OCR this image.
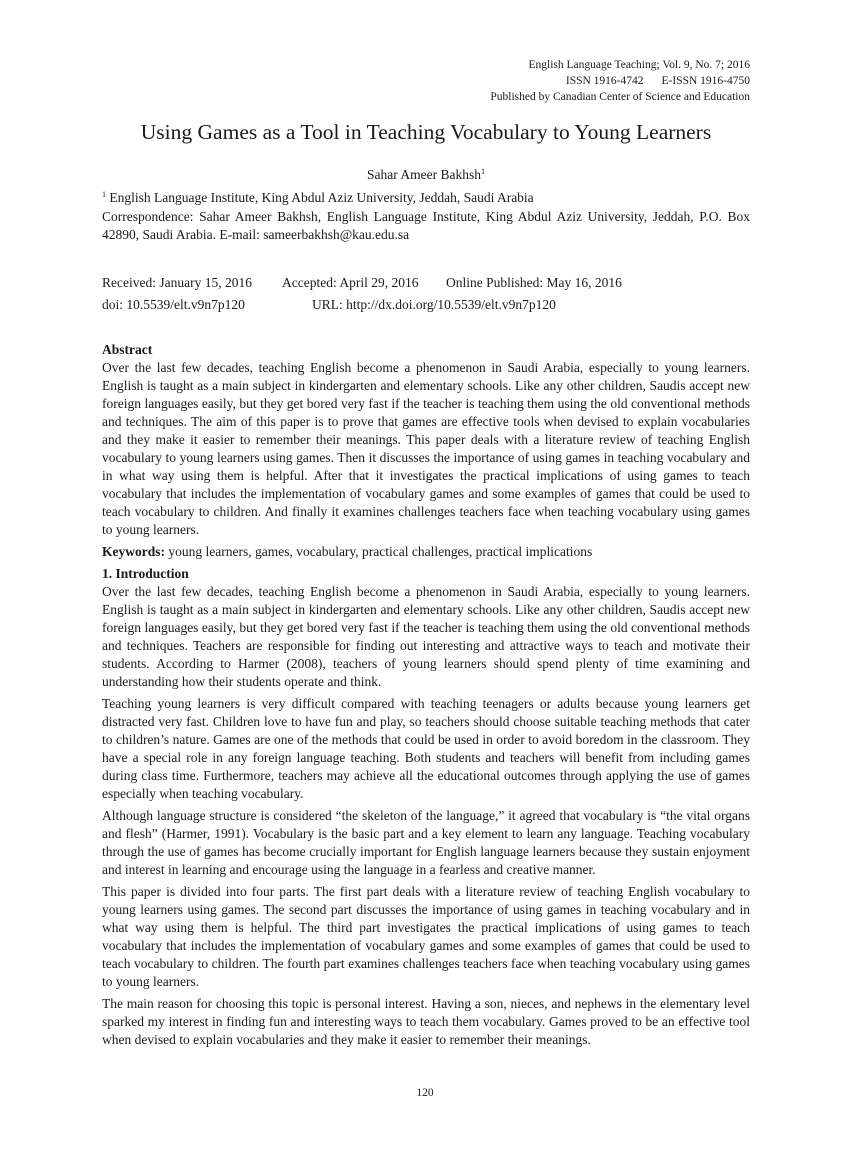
English Language Teaching; Vol. 9, No. 7; 2016
ISSN 1916-4742 E-ISSN 1916-4750
Published by Canadian Center of Science and Education
Using Games as a Tool in Teaching Vocabulary to Young Learners
Sahar Ameer Bakhsh$^1$
$^1$ English Language Institute, King Abdul Aziz University, Jeddah, Saudi Arabia
Correspondence: Sahar Ameer Bakhsh, English Language Institute, King Abdul Aziz University, Jeddah, P.O. Box 42890, Saudi Arabia. E-mail: sameerbakhsh@kau.edu.sa
Received: January 15, 2016 Accepted: April 29, 2016 Online Published: May 16, 2016
doi: 10.5539/elt.v9n7p120	URL: http://dx.doi.org/10.5539/elt.v9n7p120
Abstract

Over the last few decades, teaching English become a phenomenon in Saudi Arabia, especially to young learners. English is taught as a main subject in kindergarten and elementary schools. Like any other children, Saudis accept new foreign languages easily, but they get bored very fast if the teacher is teaching them using the old conventional methods and techniques. The aim of this paper is to prove that games are effective tools when devised to explain vocabularies and they make it easier to remember their meanings. This paper deals with a literature review of teaching English vocabulary to young learners using games. Then it discusses the importance of using games in teaching vocabulary and in what way using them is helpful. After that it investigates the practical implications of using games to teach vocabulary that includes the implementation of vocabulary games and some examples of games that could be used to teach vocabulary to children. And finally it examines challenges teachers face when teaching vocabulary using games to young learners.

Keywords: young learners, games, vocabulary, practical challenges, practical implications

1. Introduction

Over the last few decades, teaching English become a phenomenon in Saudi Arabia, especially to young learners. English is taught as a main subject in kindergarten and elementary schools. Like any other children, Saudis accept new foreign languages easily, but they get bored very fast if the teacher is teaching them using the old conventional methods and techniques. Teachers are responsible for finding out interesting and attractive ways to teach and motivate their students. According to Harmer (2008), teachers of young learners should spend plenty of time examining and understanding how their students operate and think.

Teaching young learners is very difficult compared with teaching teenagers or adults because young learners get distracted very fast. Children love to have fun and play, so teachers should choose suitable teaching methods that cater to children’s nature. Games are one of the methods that could be used in order to avoid boredom in the classroom. They have a special role in any foreign language teaching. Both students and teachers will benefit from including games during class time. Furthermore, teachers may achieve all the educational outcomes through applying the use of games especially when teaching vocabulary.

Although language structure is considered “the skeleton of the language,” it agreed that vocabulary is “the vital organs and flesh” (Harmer, 1991). Vocabulary is the basic part and a key element to learn any language. Teaching vocabulary through the use of games has become crucially important for English language learners because they sustain enjoyment and interest in learning and encourage using the language in a fearless and creative manner.

This paper is divided into four parts. The first part deals with a literature review of teaching English vocabulary to young learners using games. The second part discusses the importance of using games in teaching vocabulary and in what way using them is helpful. The third part investigates the practical implications of using games to teach vocabulary that includes the implementation of vocabulary games and some examples of games that could be used to teach vocabulary to children. The fourth part examines challenges teachers face when teaching vocabulary using games to young learners.

The main reason for choosing this topic is personal interest. Having a son, nieces, and nephews in the elementary level sparked my interest in finding fun and interesting ways to teach them vocabulary. Games proved to be an effective tool when devised to explain vocabularies and they make it easier to remember their meanings.

120
